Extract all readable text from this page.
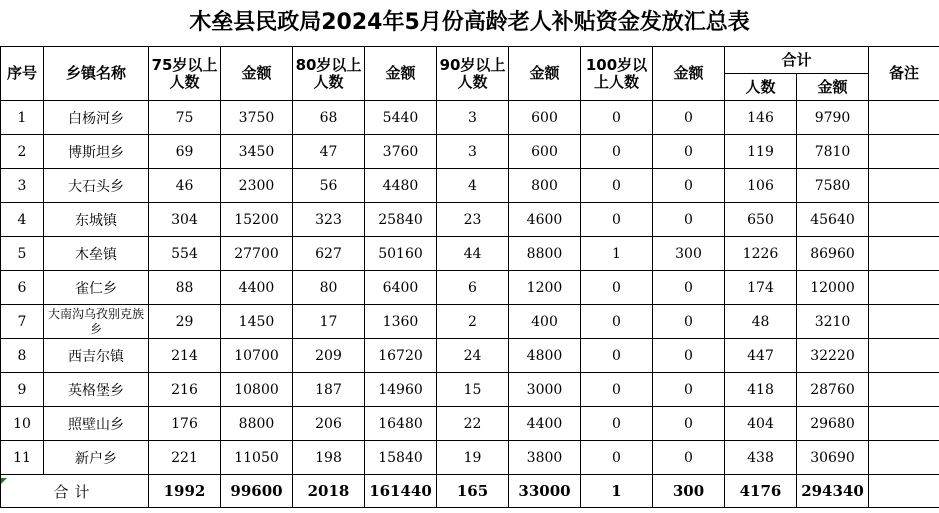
木垒县民政局2024年5月份高龄老人补贴资金发放汇总表
序号	乡镇名称	75岁以上人数	金额	80岁以上人数	金额	90岁以上人数	金额	100岁以上人数	金额	合计		备注
										人数	金额	
1	白杨河乡	75	3750	68	5440	3	600	0	0	146	9790	
2	博斯坦乡	69	3450	47	3760	3	600	0	0	119	7810	
3	大石头乡	46	2300	56	4480	4	800	0	0	106	7580	
4	东城镇	304	15200	323	25840	23	4600	0	0	650	45640	
5	木垒镇	554	27700	627	50160	44	8800	1	300	1226	86960	
6	雀仁乡	88	4400	80	6400	6	1200	0	0	174	12000	
7	大南沟乌孜别克族乡	29	1450	17	1360	2	400	0	0	48	3210	
8	西吉尔镇	214	10700	209	16720	24	4800	0	0	447	32220	
9	英格堡乡	216	10800	187	14960	15	3000	0	0	418	28760	
10	照壁山乡	176	8800	206	16480	22	4400	0	0	404	29680	
11	新户乡	221	11050	198	15840	19	3800	0	0	438	30690	
合计		1992	99600	2018	161440	165	33000	1	300	4176	294340	
